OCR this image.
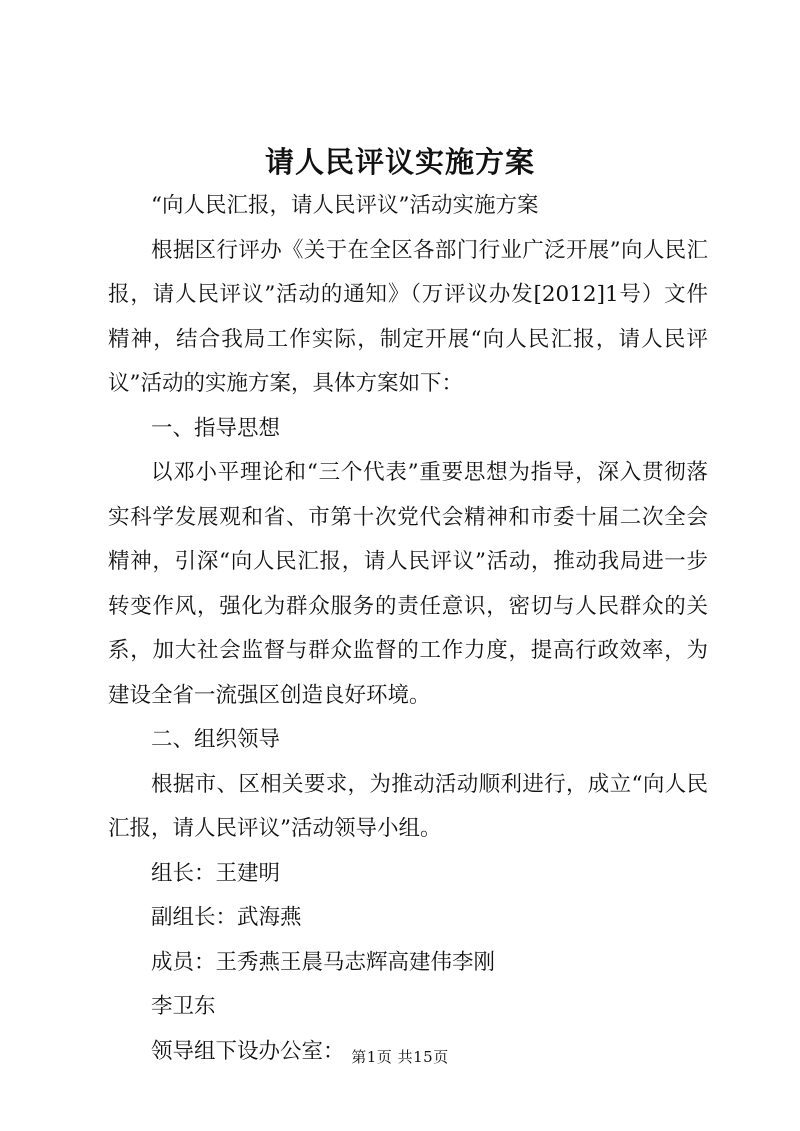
请人民评议实施方案

“向人民汇报，请人民评议”活动实施方案

根据区行评办《关于在全区各部门行业广泛开展”向人民汇报，请人民评议”活动的通知》（万评议办发[2012]1号）文件精神，结合我局工作实际，制定开展“向人民汇报，请人民评议”活动的实施方案，具体方案如下：

一、指导思想

以邓小平理论和“三个代表”重要思想为指导，深入贯彻落实科学发展观和省、市第十次党代会精神和市委十届二次全会精神，引深“向人民汇报，请人民评议”活动，推动我局进一步转变作风，强化为群众服务的责任意识，密切与人民群众的关系，加大社会监督与群众监督的工作力度，提高行政效率，为建设全省一流强区创造良好环境。

二、组织领导

根据市、区相关要求，为推动活动顺利进行，成立“向人民汇报，请人民评议”活动领导小组。

组长：王建明

副组长：武海燕

成员：王秀燕王晨马志辉高建伟李刚

李卫东

领导组下设办公室： 第1页 共15页
